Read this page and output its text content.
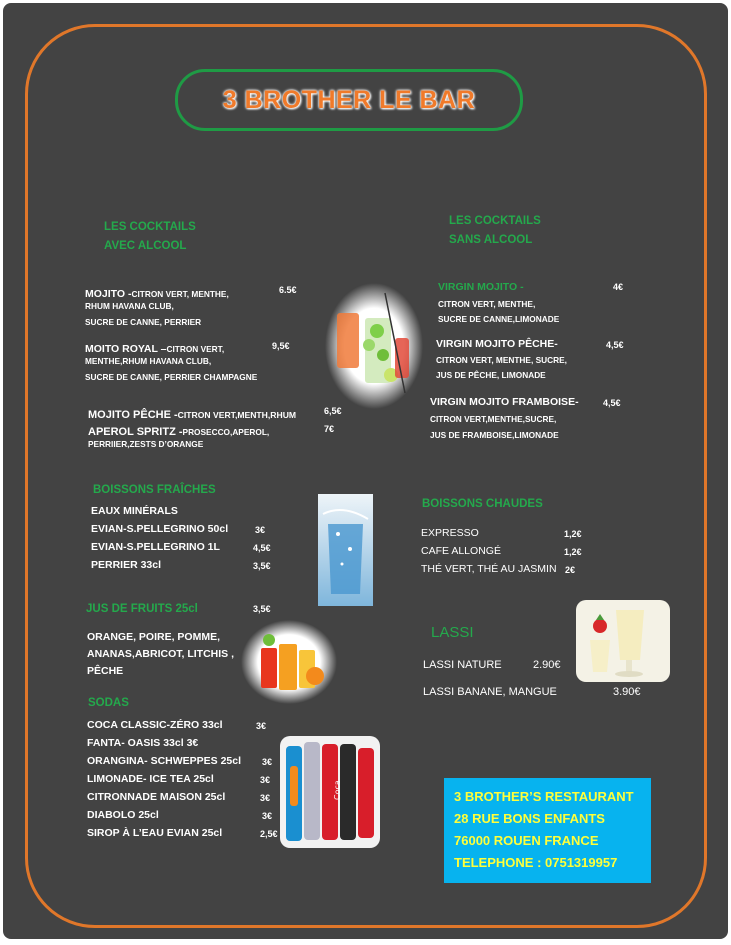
3 BROTHER LE BAR
LES COCKTAILS
AVEC ALCOOL
MOJITO -CITRON VERT, MENTHE,	6.5€
RHUM HAVANA CLUB,
SUCRE DE CANNE, PERRIER
MOITO ROYAL –CITRON VERT,	9,5€
MENTHE,RHUM HAVANA CLUB,
SUCRE DE CANNE, PERRIER CHAMPAGNE
MOJITO PÊCHE -CITRON VERT,MENTH,RHUM	6,5€
APEROL SPRITZ -PROSECCO,APEROL,	7€
PERRIIER,ZESTS D’ORANGE
LES COCKTAILS
SANS ALCOOL
VIRGIN MOJITO -	4€
CITRON VERT, MENTHE,
SUCRE DE CANNE,LIMONADE
VIRGIN MOJITO PÊCHE-	4,5€
CITRON VERT, MENTHE, SUCRE,
JUS DE PÊCHE, LIMONADE
VIRGIN MOJITO FRAMBOISE-	4,5€
CITRON VERT,MENTHE,SUCRE,
JUS DE FRAMBOISE,LIMONADE
BOISSONS FRAÎCHES
EAUX MINÉRALS
EVIAN-S.PELLEGRINO 50cl	3€
EVIAN-S.PELLEGRINO 1L	4,5€
PERRIER 33cl	3,5€
JUS DE FRUITS 25cl	3,5€
ORANGE, POIRE, POMME,
ANANAS,ABRICOT, LITCHIS ,
PÊCHE
SODAS
COCA CLASSIC-ZÉRO 33cl	3€
FANTA- OASIS 33cl 3€
ORANGINA- SCHWEPPES 25cl 3€
LIMONADE- ICE TEA 25cl	3€
CITRONNADE MAISON 25cl	3€
DIABOLO 25cl	3€
SIROP À L’EAU EVIAN 25cl	2,5€
Coca
BOISSONS CHAUDES
EXPRESSO	1,2€
CAFE ALLONGÉ	1,2€
THÉ VERT, THÉ AU JASMIN 2€
LASSI
LASSI NATURE	2.90€
LASSI BANANE, MANGUE	3.90€
3 BROTHER’S RESTAURANT
28 RUE BONS ENFANTS
76000 ROUEN FRANCE
TELEPHONE : 0751319957
